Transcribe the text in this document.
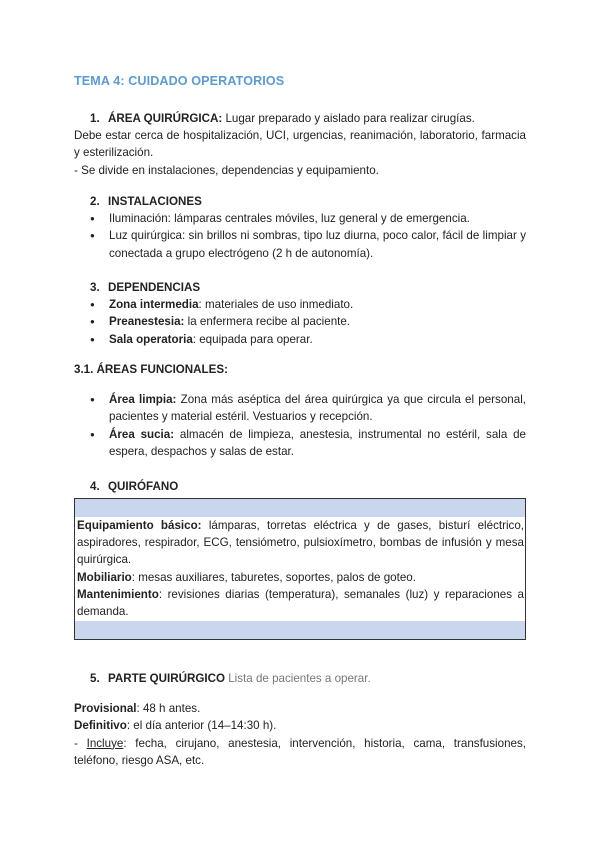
TEMA 4: CUIDADO OPERATORIOS

1. ÁREA QUIRÚRGICA: Lugar preparado y aislado para realizar cirugías.

Debe estar cerca de hospitalización, UCI, urgencias, reanimación, laboratorio, farmacia y esterilización.

- Se divide en instalaciones, dependencias y equipamiento.

2. INSTALACIONES

● Iluminación: lámparas centrales móviles, luz general y de emergencia.
● Luz quirúrgica: sin brillos ni sombras, tipo luz diurna, poco calor, fácil de limpiar y conectada a grupo electrógeno (2 h de autonomía).

3. DEPENDENCIAS

● Zona intermedia: materiales de uso inmediato.
● Preanestesia: la enfermera recibe al paciente.
● Sala operatoria: equipada para operar.

3.1. ÁREAS FUNCIONALES:

● Área limpia: Zona más aséptica del área quirúrgica ya que circula el personal, pacientes y material estéril. Vestuarios y recepción.
● Área sucia: almacén de limpieza, anestesia, instrumental no estéril, sala de espera, despachos y salas de estar.

4. QUIRÓFANO

Equipamiento básico: lámparas, torretas eléctrica y de gases, bisturí eléctrico, aspiradores, respirador, ECG, tensiómetro, pulsioxímetro, bombas de infusión y mesa quirúrgica.

Mobiliario: mesas auxiliares, taburetes, soportes, palos de goteo.

Mantenimiento: revisiones diarias (temperatura), semanales (luz) y reparaciones a demanda.

5. PARTE QUIRÚRGICO Lista de pacientes a operar.

Provisional: 48 h antes.

Definitivo: el día anterior (14–14:30 h).

- Incluye: fecha, cirujano, anestesia, intervención, historia, cama, transfusiones, teléfono, riesgo ASA, etc.
